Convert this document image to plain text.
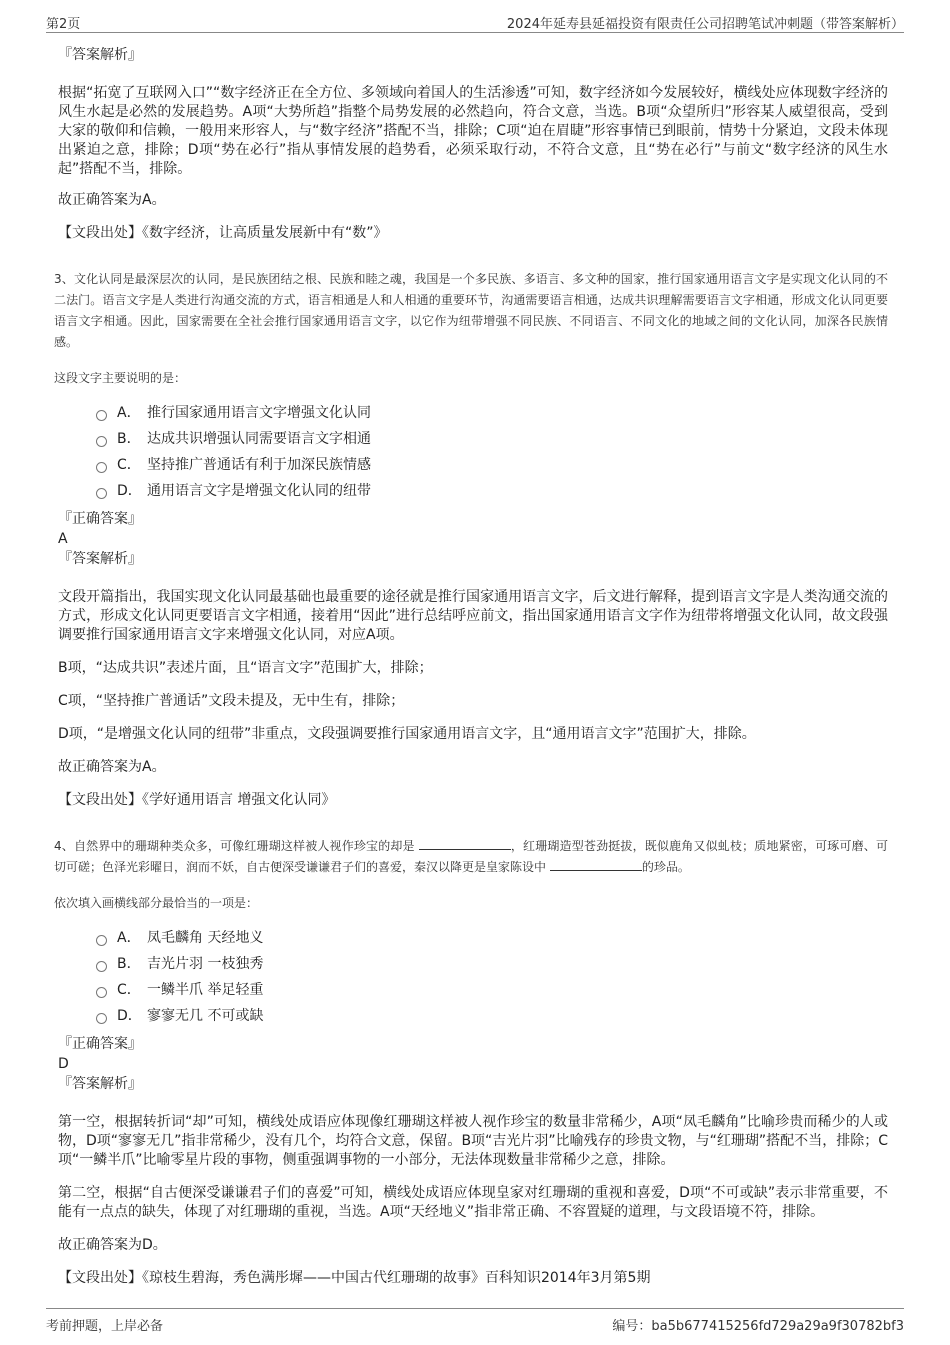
第2页	2024年延寿县延福投资有限责任公司招聘笔试冲刺题（带答案解析）
『答案解析』

根据“拓宽了互联网入口”“数字经济正在全方位、多领域向着国人的生活渗透”可知，数字经济如今发展较好，横线处应体现数字经济的风生水起是必然的发展趋势。A项“大势所趋”指整个局势发展的必然趋向，符合文意，当选。B项“众望所归”形容某人威望很高，受到大家的敬仰和信赖，一般用来形容人，与“数字经济”搭配不当，排除；C项“迫在眉睫”形容事情已到眼前，情势十分紧迫，文段未体现出紧迫之意，排除；D项“势在必行”指从事情发展的趋势看，必须采取行动，不符合文意，且“势在必行”与前文“数字经济的风生水起”搭配不当，排除。

故正确答案为A。

【文段出处】《数字经济，让高质量发展新中有“数”》

3、文化认同是最深层次的认同，是民族团结之根、民族和睦之魂，我国是一个多民族、多语言、多文种的国家，推行国家通用语言文字是实现文化认同的不二法门。语言文字是人类进行沟通交流的方式，语言相通是人和人相通的重要环节，沟通需要语言相通，达成共识理解需要语言文字相通，形成文化认同更要语言文字相通。因此，国家需要在全社会推行国家通用语言文字，以它作为纽带增强不同民族、不同语言、不同文化的地域之间的文化认同，加深各民族情感。

这段文字主要说明的是：
A． 推行国家通用语言文字增强文化认同
B． 达成共识增强认同需要语言文字相通
C． 坚持推广普通话有利于加深民族情感
D． 通用语言文字是增强文化认同的纽带
『正确答案』
A
『答案解析』

文段开篇指出，我国实现文化认同最基础也最重要的途径就是推行国家通用语言文字，后文进行解释，提到语言文字是人类沟通交流的方式，形成文化认同更要语言文字相通，接着用“因此”进行总结呼应前文，指出国家通用语言文字作为纽带将增强文化认同，故文段强调要推行国家通用语言文字来增强文化认同，对应A项。

B项，“达成共识”表述片面，且“语言文字”范围扩大，排除；

C项，“坚持推广普通话”文段未提及，无中生有，排除；

D项，“是增强文化认同的纽带”非重点，文段强调要推行国家通用语言文字，且“通用语言文字”范围扩大，排除。

故正确答案为A。

【文段出处】《学好通用语言 增强文化认同》

4、自然界中的珊瑚种类众多，可像红珊瑚这样被人视作珍宝的却是	，红珊瑚造型苍劲挺拔，既似鹿角又似虬枝；质地紧密，可琢可磨、可切可磋；色泽光彩曜日，润而不妖，自古便深受谦谦君子们的喜爱，秦汉以降更是皇家陈设中	的珍品。

依次填入画横线部分最恰当的一项是：
A． 凤毛麟角 天经地义
B． 吉光片羽 一枝独秀
C． 一鳞半爪 举足轻重
D． 寥寥无几 不可或缺
『正确答案』
D
『答案解析』

第一空，根据转折词“却”可知，横线处成语应体现像红珊瑚这样被人视作珍宝的数量非常稀少，A项“凤毛麟角”比喻珍贵而稀少的人或物，D项“寥寥无几”指非常稀少，没有几个，均符合文意，保留。B项“吉光片羽”比喻残存的珍贵文物，与“红珊瑚”搭配不当，排除；C项“一鳞半爪”比喻零星片段的事物，侧重强调事物的一小部分，无法体现数量非常稀少之意，排除。

第二空，根据“自古便深受谦谦君子们的喜爱”可知，横线处成语应体现皇家对红珊瑚的重视和喜爱，D项“不可或缺”表示非常重要，不能有一点点的缺失，体现了对红珊瑚的重视，当选。A项“天经地义”指非常正确、不容置疑的道理，与文段语境不符，排除。

故正确答案为D。

【文段出处】《琼枝生碧海，秀色满彤墀——中国古代红珊瑚的故事》百科知识2014年3月第5期
考前押题，上岸必备	编号：ba5b677415256fd729a29a9f30782bf3
